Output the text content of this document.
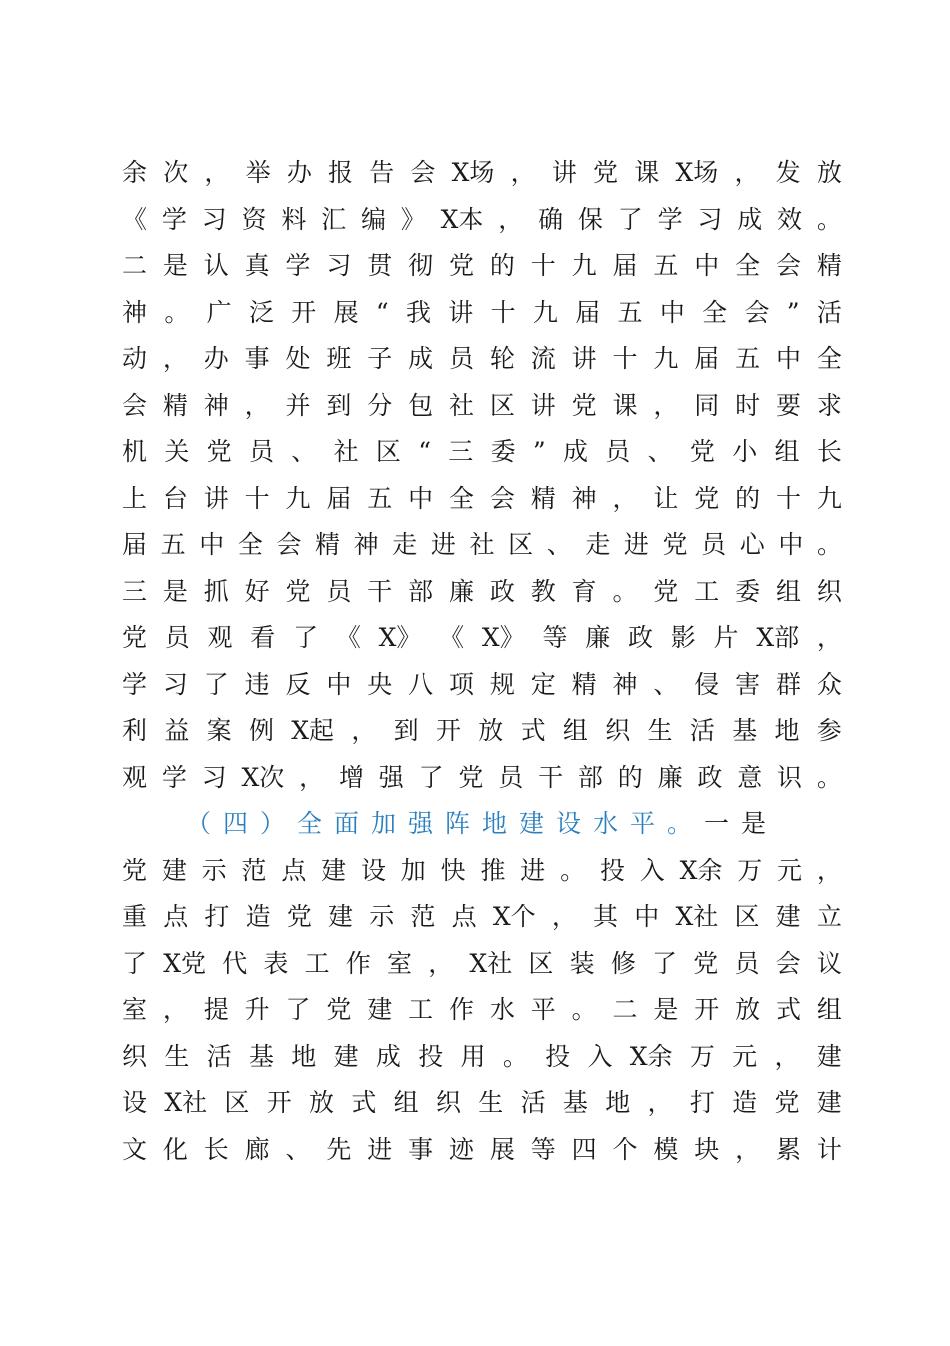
余 次 ， 举 办 报 告 会 X场 ， 讲 党 课 X场 ， 发 放
《 学 习 资 料 汇 编 》 X本 ， 确 保 了 学 习 成 效 。
二 是 认 真 学 习 贯 彻 党 的 十 九 届 五 中 全 会 精
神 。 广 泛 开 展 “ 我 讲 十 九 届 五 中 全 会 ” 活
动 ， 办 事 处 班 子 成 员 轮 流 讲 十 九 届 五 中 全
会 精 神 ， 并 到 分 包 社 区 讲 党 课 ， 同 时 要 求
机 关 党 员 、 社 区 “ 三 委 ” 成 员 、 党 小 组 长
上 台 讲 十 九 届 五 中 全 会 精 神 ， 让 党 的 十 九
届 五 中 全 会 精 神 走 进 社 区 、 走 进 党 员 心 中 。
三 是 抓 好 党 员 干 部 廉 政 教 育 。 党 工 委 组 织
党 员 观 看 了 《 X》 《 X》 等 廉 政 影 片 X部 ，
学 习 了 违 反 中 央 八 项 规 定 精 神 、 侵 害 群 众
利 益 案 例 X起 ， 到 开 放 式 组 织 生 活 基 地 参
观 学 习 X次 ， 增 强 了 党 员 干 部 的 廉 政 意 识 。
（四）全面加强阵地建设水平。 一是
党 建 示 范 点 建 设 加 快 推 进 。 投 入 X余 万 元 ，
重 点 打 造 党 建 示 范 点 X个 ， 其 中 X社 区 建 立
了 X党 代 表 工 作 室 ， X社 区 装 修 了 党 员 会 议
室 ， 提 升 了 党 建 工 作 水 平 。 二 是 开 放 式 组
织 生 活 基 地 建 成 投 用 。 投 入 X余 万 元 ， 建
设 X社 区 开 放 式 组 织 生 活 基 地 ， 打 造 党 建
文 化 长 廊 、 先 进 事 迹 展 等 四 个 模 块 ， 累 计
